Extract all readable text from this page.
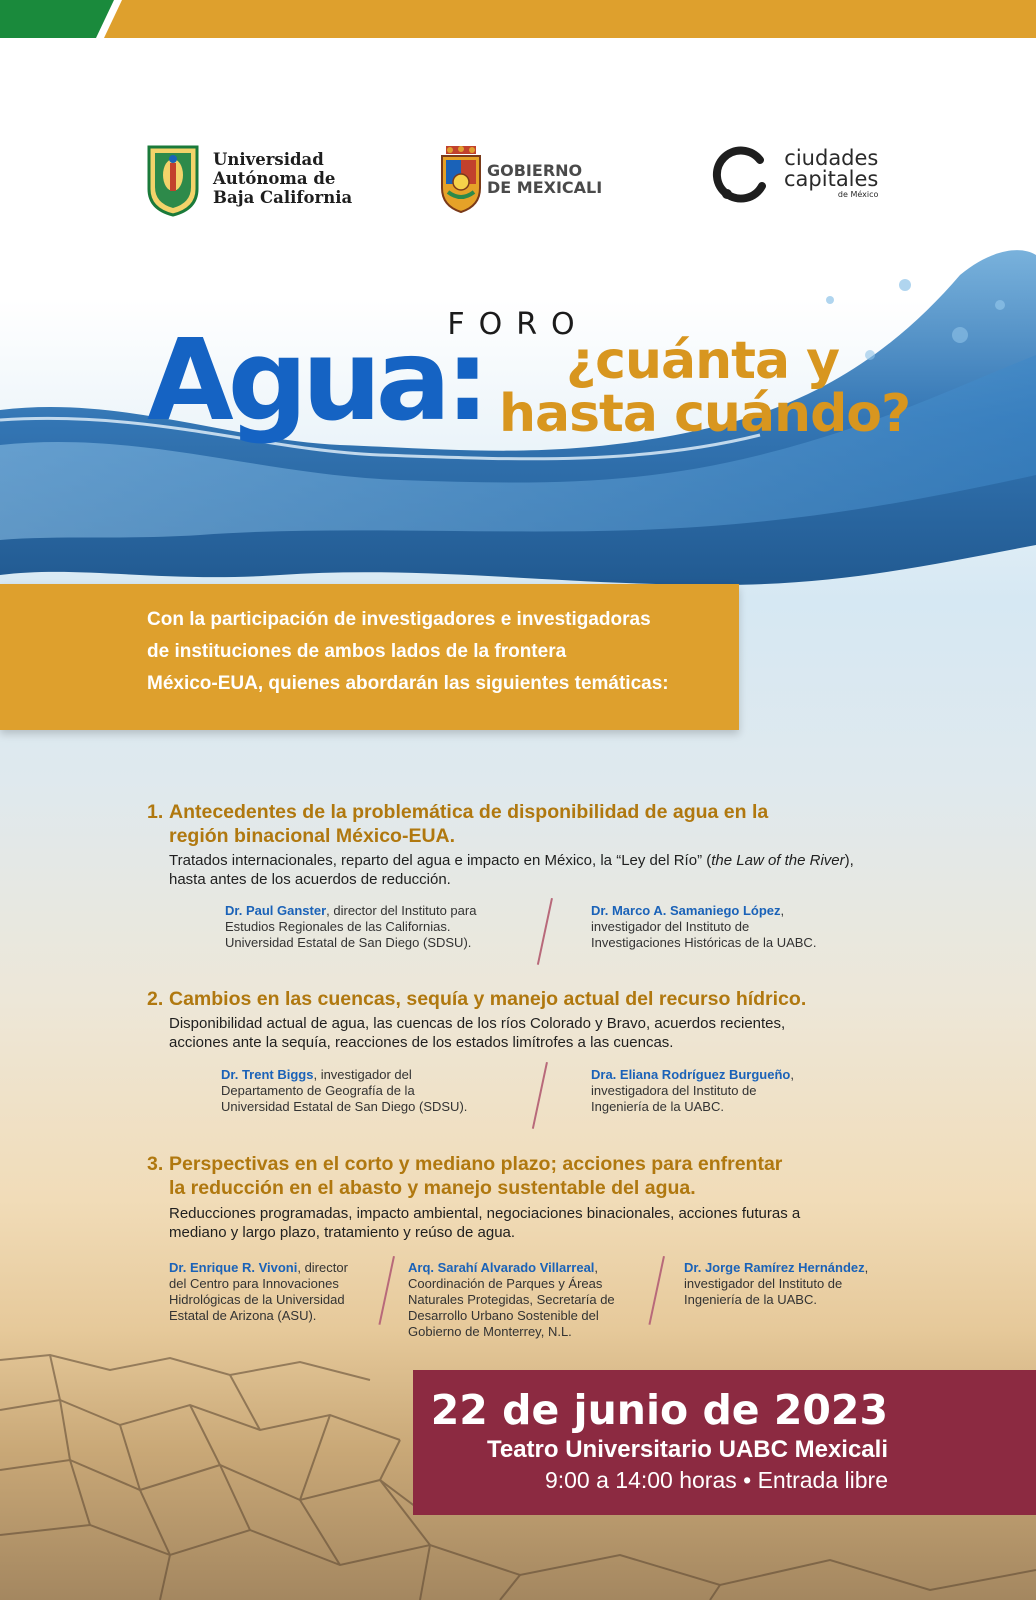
Universidad
Autónoma de
Baja California
GOBIERNO
DE MEXICALI
ciudades
capitales
de México
FORO
Agua: ¿cuánta y
hasta cuándo?
Con la participación de investigadores e investigadoras
de instituciones de ambos lados de la frontera
México-EUA, quienes abordarán las siguientes temáticas:
1. Antecedentes de la problemática de disponibilidad de agua en la
región binacional México-EUA.
Tratados internacionales, reparto del agua e impacto en México, la “Ley del Río” (the Law of the River), hasta antes de los acuerdos de reducción.
Dr. Paul Ganster, director del Instituto para
Estudios Regionales de las Californias.
Universidad Estatal de San Diego (SDSU).
Dr. Marco A. Samaniego López,
investigador del Instituto de
Investigaciones Históricas de la UABC.
2. Cambios en las cuencas, sequía y manejo actual del recurso hídrico.
Disponibilidad actual de agua, las cuencas de los ríos Colorado y Bravo, acuerdos recientes,
acciones ante la sequía, reacciones de los estados limítrofes a las cuencas.
Dr. Trent Biggs, investigador del
Departamento de Geografía de la
Universidad Estatal de San Diego (SDSU).
Dra. Eliana Rodríguez Burgueño,
investigadora del Instituto de
Ingeniería de la UABC.
3. Perspectivas en el corto y mediano plazo; acciones para enfrentar
la reducción en el abasto y manejo sustentable del agua.
Reducciones programadas, impacto ambiental, negociaciones binacionales, acciones futuras a
mediano y largo plazo, tratamiento y reúso de agua.
Dr. Enrique R. Vivoni, director
del Centro para Innovaciones
Hidrológicas de la Universidad
Estatal de Arizona (ASU).
Arq. Sarahí Alvarado Villarreal,
Coordinación de Parques y Áreas
Naturales Protegidas, Secretaría de
Desarrollo Urbano Sostenible del
Gobierno de Monterrey, N.L.
Dr. Jorge Ramírez Hernández,
investigador del Instituto de
Ingeniería de la UABC.
22 de junio de 2023
Teatro Universitario UABC Mexicali
9:00 a 14:00 horas • Entrada libre
